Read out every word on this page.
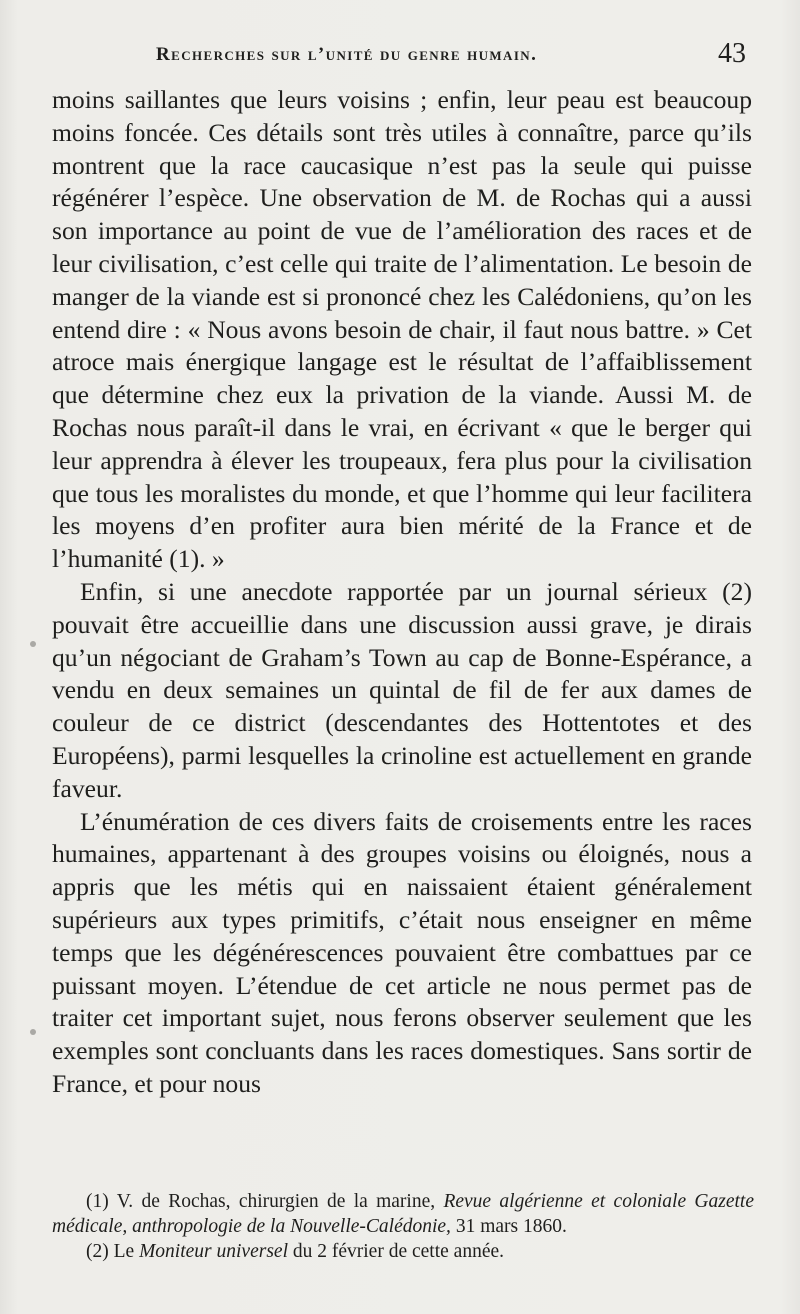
Recherches sur l’unité du genre humain.	43

moins saillantes que leurs voisins ; enfin, leur peau est beaucoup moins foncée. Ces détails sont très utiles à connaître, parce qu’ils montrent que la race caucasique n’est pas la seule qui puisse régénérer l’espèce. Une observation de M. de Rochas qui a aussi son importance au point de vue de l’amélioration des races et de leur civilisation, c’est celle qui traite de l’alimentation. Le besoin de manger de la viande est si prononcé chez les Calédoniens, qu’on les entend dire : « Nous avons besoin de chair, il faut nous battre. » Cet atroce mais énergique langage est le résultat de l’affaiblissement que détermine chez eux la privation de la viande. Aussi M. de Rochas nous paraît-il dans le vrai, en écrivant « que le berger qui leur apprendra à élever les troupeaux, fera plus pour la civilisation que tous les moralistes du monde, et que l’homme qui leur facilitera les moyens d’en profiter aura bien mérité de la France et de l’humanité (1). »

Enfin, si une anecdote rapportée par un journal sérieux (2) pouvait être accueillie dans une discussion aussi grave, je dirais qu’un négociant de Graham’s Town au cap de Bonne-Espérance, a vendu en deux semaines un quintal de fil de fer aux dames de couleur de ce district (descendantes des Hottentotes et des Européens), parmi lesquelles la crinoline est actuellement en grande faveur.

L’énumération de ces divers faits de croisements entre les races humaines, appartenant à des groupes voisins ou éloignés, nous a appris que les métis qui en naissaient étaient généralement supérieurs aux types primitifs, c’était nous enseigner en même temps que les dégénérescences pouvaient être combattues par ce puissant moyen. L’étendue de cet article ne nous permet pas de traiter cet important sujet, nous ferons observer seulement que les exemples sont concluants dans les races domestiques. Sans sortir de France, et pour nous

(1) V. de Rochas, chirurgien de la marine, Revue algérienne et coloniale Gazette médicale, anthropologie de la Nouvelle-Calédonie, 31 mars 1860.

(2) Le Moniteur universel du 2 février de cette année.
